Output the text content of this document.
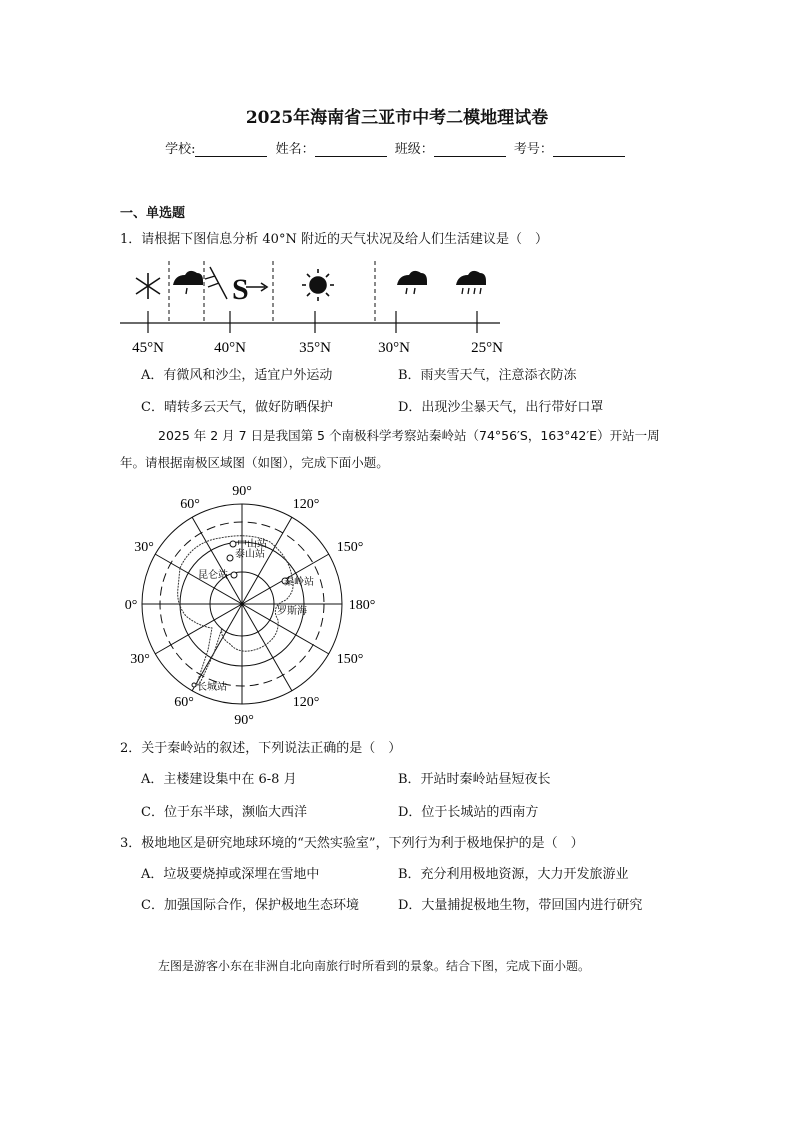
2025年海南省三亚市中考二模地理试卷
学校:	姓名：	班级：	考号：
一、单选题
1．请根据下图信息分析 40°N 附近的天气状况及给人们生活建议是（　）
S
45°N	40°N	35°N	30°N	25°N
A．有微风和沙尘，适宜户外运动	B．雨夹雪天气，注意添衣防冻
C．晴转多云天气，做好防晒保护	D．出现沙尘暴天气，出行带好口罩
2025 年 2 月 7 日是我国第 5 个南极科学考察站秦岭站（74°56′S，163°42′E）开站一周年。请根据南极区域图（如图），完成下面小题。
中山站
泰山站
昆仑站
秦岭站
罗斯海
长城站
90°
60°	120°
30°	150°
0°	180°
30°	150°
60°	120°
90°
2．关于秦岭站的叙述，下列说法正确的是（　）
A．主楼建设集中在 6-8 月	B．开站时秦岭站昼短夜长
C．位于东半球，濒临大西洋	D．位于长城站的西南方
3．极地地区是研究地球环境的“天然实验室”，下列行为利于极地保护的是（　）
A．垃圾要烧掉或深埋在雪地中	B．充分利用极地资源，大力开发旅游业
C．加强国际合作，保护极地生态环境	D．大量捕捉极地生物，带回国内进行研究
左图是游客小东在非洲自北向南旅行时所看到的景象。结合下图，完成下面小题。
